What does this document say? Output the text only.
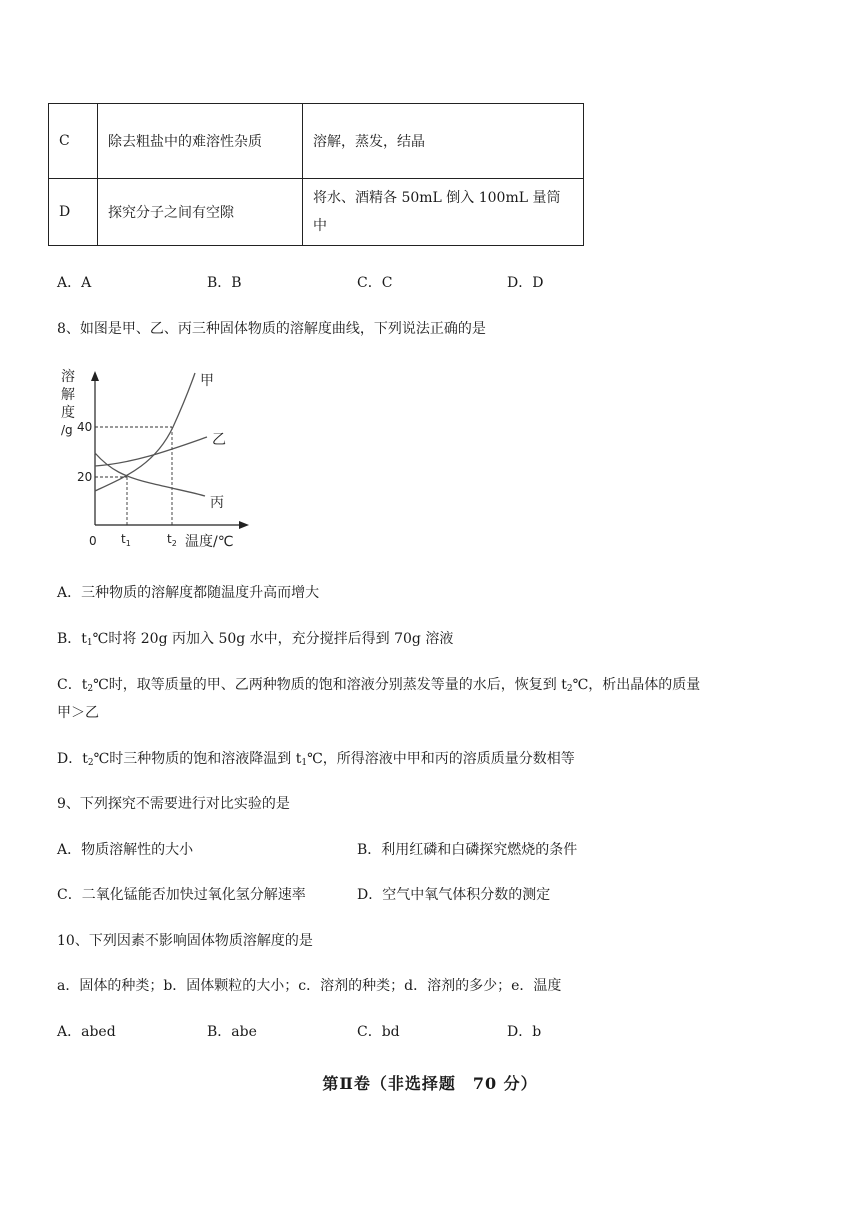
C	除去粗盐中的难溶性杂质	溶解，蒸发，结晶
D	探究分子之间有空隙	将水、酒精各 50mL 倒入 100mL 量筒
中
A．A	B．B	C．C	D．D
8、如图是甲、乙、丙三种固体物质的溶解度曲线，下列说法正确的是
溶
解
度
/g 40
20
0 $t_1$	$t_2$ 温度/℃
甲
乙
丙
A．三种物质的溶解度都随温度升高而增大
B．$t_1℃$时将 20g 丙加入 50g 水中，充分搅拌后得到 70g 溶液
C．$t_2℃$时，取等质量的甲、乙两种物质的饱和溶液分别蒸发等量的水后，恢复到 $t_2℃$，析出晶体的质量
甲＞乙
D．$t_2℃$时三种物质的饱和溶液降温到 $t_1℃$，所得溶液中甲和丙的溶质质量分数相等
9、下列探究不需要进行对比实验的是
A．物质溶解性的大小	B．利用红磷和白磷探究燃烧的条件
C．二氧化锰能否加快过氧化氢分解速率	D．空气中氧气体积分数的测定
10、下列因素不影响固体物质溶解度的是
a．固体的种类；b．固体颗粒的大小；c．溶剂的种类；d．溶剂的多少；e．温度
A．abed	B．abe	C．bd	D．b
第Ⅱ卷（非选择题　70 分）
